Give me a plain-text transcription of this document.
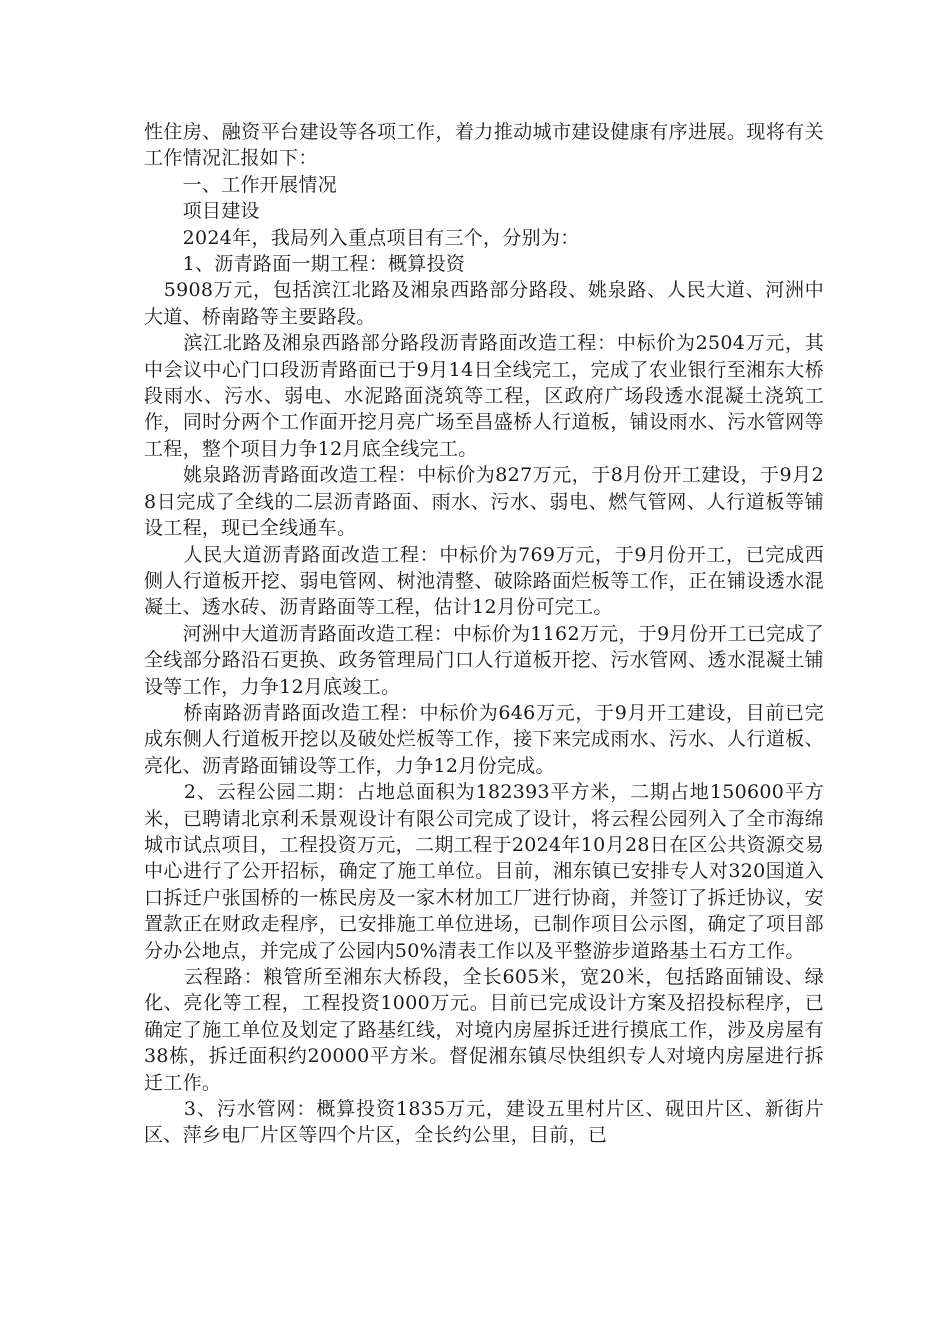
性住房、融资平台建设等各项工作，着力推动城市建设健康有序进展。现将有关工作情况汇报如下：

　　一、工作开展情况

　　项目建设

　　2024年，我局列入重点项目有三个，分别为：

　　1、沥青路面一期工程：概算投资

　5908万元，包括滨江北路及湘泉西路部分路段、姚泉路、人民大道、河洲中大道、桥南路等主要路段。

　　滨江北路及湘泉西路部分路段沥青路面改造工程：中标价为2504万元，其中会议中心门口段沥青路面已于9月14日全线完工，完成了农业银行至湘东大桥段雨水、污水、弱电、水泥路面浇筑等工程，区政府广场段透水混凝土浇筑工作，同时分两个工作面开挖月亮广场至昌盛桥人行道板，铺设雨水、污水管网等工程，整个项目力争12月底全线完工。

　　姚泉路沥青路面改造工程：中标价为827万元，于8月份开工建设，于9月28日完成了全线的二层沥青路面、雨水、污水、弱电、燃气管网、人行道板等铺设工程，现已全线通车。

　　人民大道沥青路面改造工程：中标价为769万元，于9月份开工，已完成西侧人行道板开挖、弱电管网、树池清整、破除路面烂板等工作，正在铺设透水混凝土、透水砖、沥青路面等工程，估计12月份可完工。

　　河洲中大道沥青路面改造工程：中标价为1162万元，于9月份开工已完成了全线部分路沿石更换、政务管理局门口人行道板开挖、污水管网、透水混凝土铺设等工作，力争12月底竣工。

　　桥南路沥青路面改造工程：中标价为646万元，于9月开工建设，目前已完成东侧人行道板开挖以及破处烂板等工作，接下来完成雨水、污水、人行道板、亮化、沥青路面铺设等工作，力争12月份完成。

　　2、云程公园二期：占地总面积为182393平方米，二期占地150600平方米，已聘请北京利禾景观设计有限公司完成了设计，将云程公园列入了全市海绵城市试点项目，工程投资万元，二期工程于2024年10月28日在区公共资源交易中心进行了公开招标，确定了施工单位。目前，湘东镇已安排专人对320国道入口拆迁户张国桥的一栋民房及一家木材加工厂进行协商，并签订了拆迁协议，安置款正在财政走程序，已安排施工单位进场，已制作项目公示图，确定了项目部分办公地点，并完成了公园内50%清表工作以及平整游步道路基土石方工作。

　　云程路：粮管所至湘东大桥段，全长605米，宽20米，包括路面铺设、绿化、亮化等工程，工程投资1000万元。目前已完成设计方案及招投标程序，已确定了施工单位及划定了路基红线，对境内房屋拆迁进行摸底工作，涉及房屋有38栋，拆迁面积约20000平方米。督促湘东镇尽快组织专人对境内房屋进行拆迁工作。

　　3、污水管网：概算投资1835万元，建设五里村片区、砚田片区、新街片区、萍乡电厂片区等四个片区，全长约公里，目前，已
